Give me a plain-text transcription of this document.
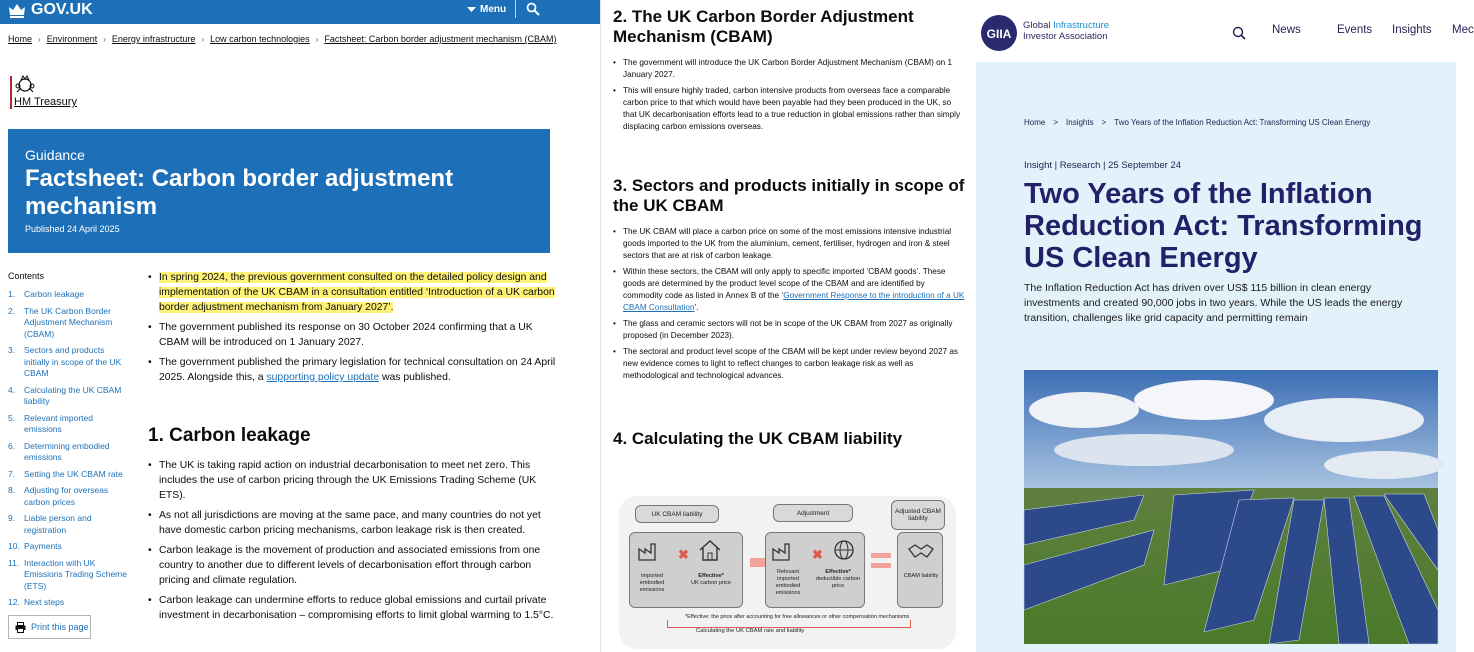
GOV.UK	Menu
Home › Environment › Energy infrastructure › Low carbon technologies › Factsheet: Carbon border adjustment mechanism (CBAM)
HM Treasury
Guidance
Factsheet: Carbon border adjustment mechanism
Published 24 April 2025
Contents
1.	Carbon leakage
2.	The UK Carbon Border Adjustment Mechanism (CBAM)
3.	Sectors and products initially in scope of the UK CBAM
4.	Calculating the UK CBAM liability
5.	Relevant imported emissions
6.	Determining embodied emissions
7.	Setting the UK CBAM rate
8.	Adjusting for overseas carbon prices
9.	Liable person and registration
10. Payments
11. Interaction with UK Emissions Trading Scheme (ETS)
12. Next steps
Print this page
• In spring 2024, the previous government consulted on the detailed policy design and implementation of the UK CBAM in a consultation entitled ‘Introduction of a UK carbon border adjustment mechanism from January 2027’.
• The government published its response on 30 October 2024 confirming that a UK CBAM will be introduced on 1 January 2027.
• The government published the primary legislation for technical consultation on 24 April 2025. Alongside this, a supporting policy update was published.
1. Carbon leakage
• The UK is taking rapid action on industrial decarbonisation to meet net zero. This includes the use of carbon pricing through the UK Emissions Trading Scheme (UK ETS).
• As not all jurisdictions are moving at the same pace, and many countries do not yet have domestic carbon pricing mechanisms, carbon leakage risk is then created.
• Carbon leakage is the movement of production and associated emissions from one country to another due to different levels of decarbonisation effort through carbon pricing and climate regulation.
• Carbon leakage can undermine efforts to reduce global emissions and curtail private investment in decarbonisation – compromising efforts to limit global warming to 1.5°C.
2. The UK Carbon Border Adjustment Mechanism (CBAM)
• The government will introduce the UK Carbon Border Adjustment Mechanism (CBAM) on 1 January 2027.
• This will ensure highly traded, carbon intensive products from overseas face a comparable carbon price to that which would have been payable had they been produced in the UK, so that UK decarbonisation efforts lead to a true reduction in global emissions rather than simply displacing carbon emissions overseas.
3. Sectors and products initially in scope of the UK CBAM
• The UK CBAM will place a carbon price on some of the most emissions intensive industrial goods imported to the UK from the aluminium, cement, fertiliser, hydrogen and iron & steel sectors that are at risk of carbon leakage.
• Within these sectors, the CBAM will only apply to specific imported ‘CBAM goods’. These goods are determined by the product level scope of the CBAM and are identified by commodity code as listed in Annex B of the ‘Government Response to the introduction of a UK CBAM Consultation’.
• The glass and ceramic sectors will not be in scope of the UK CBAM from 2027 as originally proposed (in December 2023).
• The sectoral and product level scope of the CBAM will be kept under review beyond 2027 as new evidence comes to light to reflect changes to carbon leakage risk as well as methodological and technological advances.
4. Calculating the UK CBAM liability
UK CBAM liability	Adjustment	Adjusted CBAM liability
✖
Imported embodied emissions
Effective*
UK carbon price
✖
Relevant imported embodied emissions
Effective*
deductible carbon price
CBAM liability
*Effective: the price after accounting for free allowances or other compensation mechanisms
Calculating the UK CBAM rate and liability
GIIA
Global Infrastructure
Investor Association
News	Events Insights Mec
Home > Insights > Two Years of the Inflation Reduction Act: Transforming US Clean Energy
Insight | Research | 25 September 24
Two Years of the Inflation Reduction Act: Transforming US Clean Energy

The Inflation Reduction Act has driven over US$ 115 billion in clean energy investments and created 90,000 jobs in two years. While the US leads the energy transition, challenges like grid capacity and permitting remain
